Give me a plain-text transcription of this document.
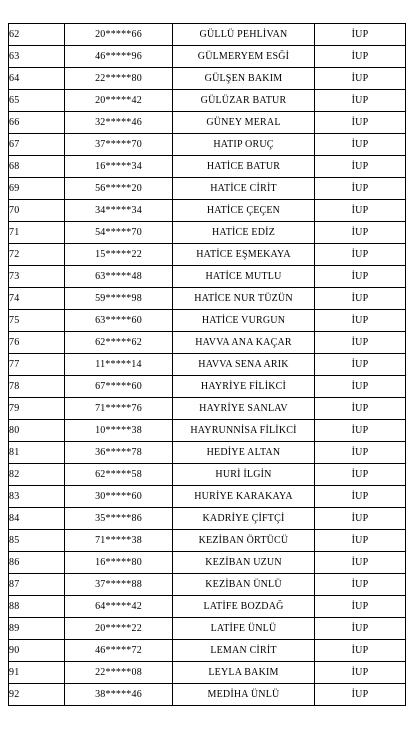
62	20*****66	GÜLLÜ PEHLİVAN	İUP
63	46*****96	GÜLMERYEM ESĞİ	İUP
64	22*****80	GÜLŞEN BAKIM	İUP
65	20*****42	GÜLÜZAR BATUR	İUP
66	32*****46	GÜNEY MERAL	İUP
67	37*****70	HATIP ORUÇ	İUP
68	16*****34	HATİCE BATUR	İUP
69	56*****20	HATİCE CİRİT	İUP
70	34*****34	HATİCE ÇEÇEN	İUP
71	54*****70	HATİCE EDİZ	İUP
72	15*****22	HATİCE EŞMEKAYA	İUP
73	63*****48	HATİCE MUTLU	İUP
74	59*****98	HATİCE NUR TÜZÜN	İUP
75	63*****60	HATİCE VURGUN	İUP
76	62*****62	HAVVA ANA KAÇAR	İUP
77	11*****14	HAVVA SENA ARIK	İUP
78	67*****60	HAYRİYE FİLİKCİ	İUP
79	71*****76	HAYRİYE SANLAV	İUP
80	10*****38	HAYRUNNİSA FİLİKCİ	İUP
81	36*****78	HEDİYE ALTAN	İUP
82	62*****58	HURİ İLGİN	İUP
83	30*****60	HURİYE KARAKAYA	İUP
84	35*****86	KADRİYE ÇİFTÇİ	İUP
85	71*****38	KEZİBAN ÖRTÜCÜ	İUP
86	16*****80	KEZİBAN UZUN	İUP
87	37*****88	KEZİBAN ÜNLÜ	İUP
88	64*****42	LATİFE BOZDAĞ	İUP
89	20*****22	LATİFE ÜNLÜ	İUP
90	46*****72	LEMAN CİRİT	İUP
91	22*****08	LEYLA BAKIM	İUP
92	38*****46	MEDİHA ÜNLÜ	İUP
